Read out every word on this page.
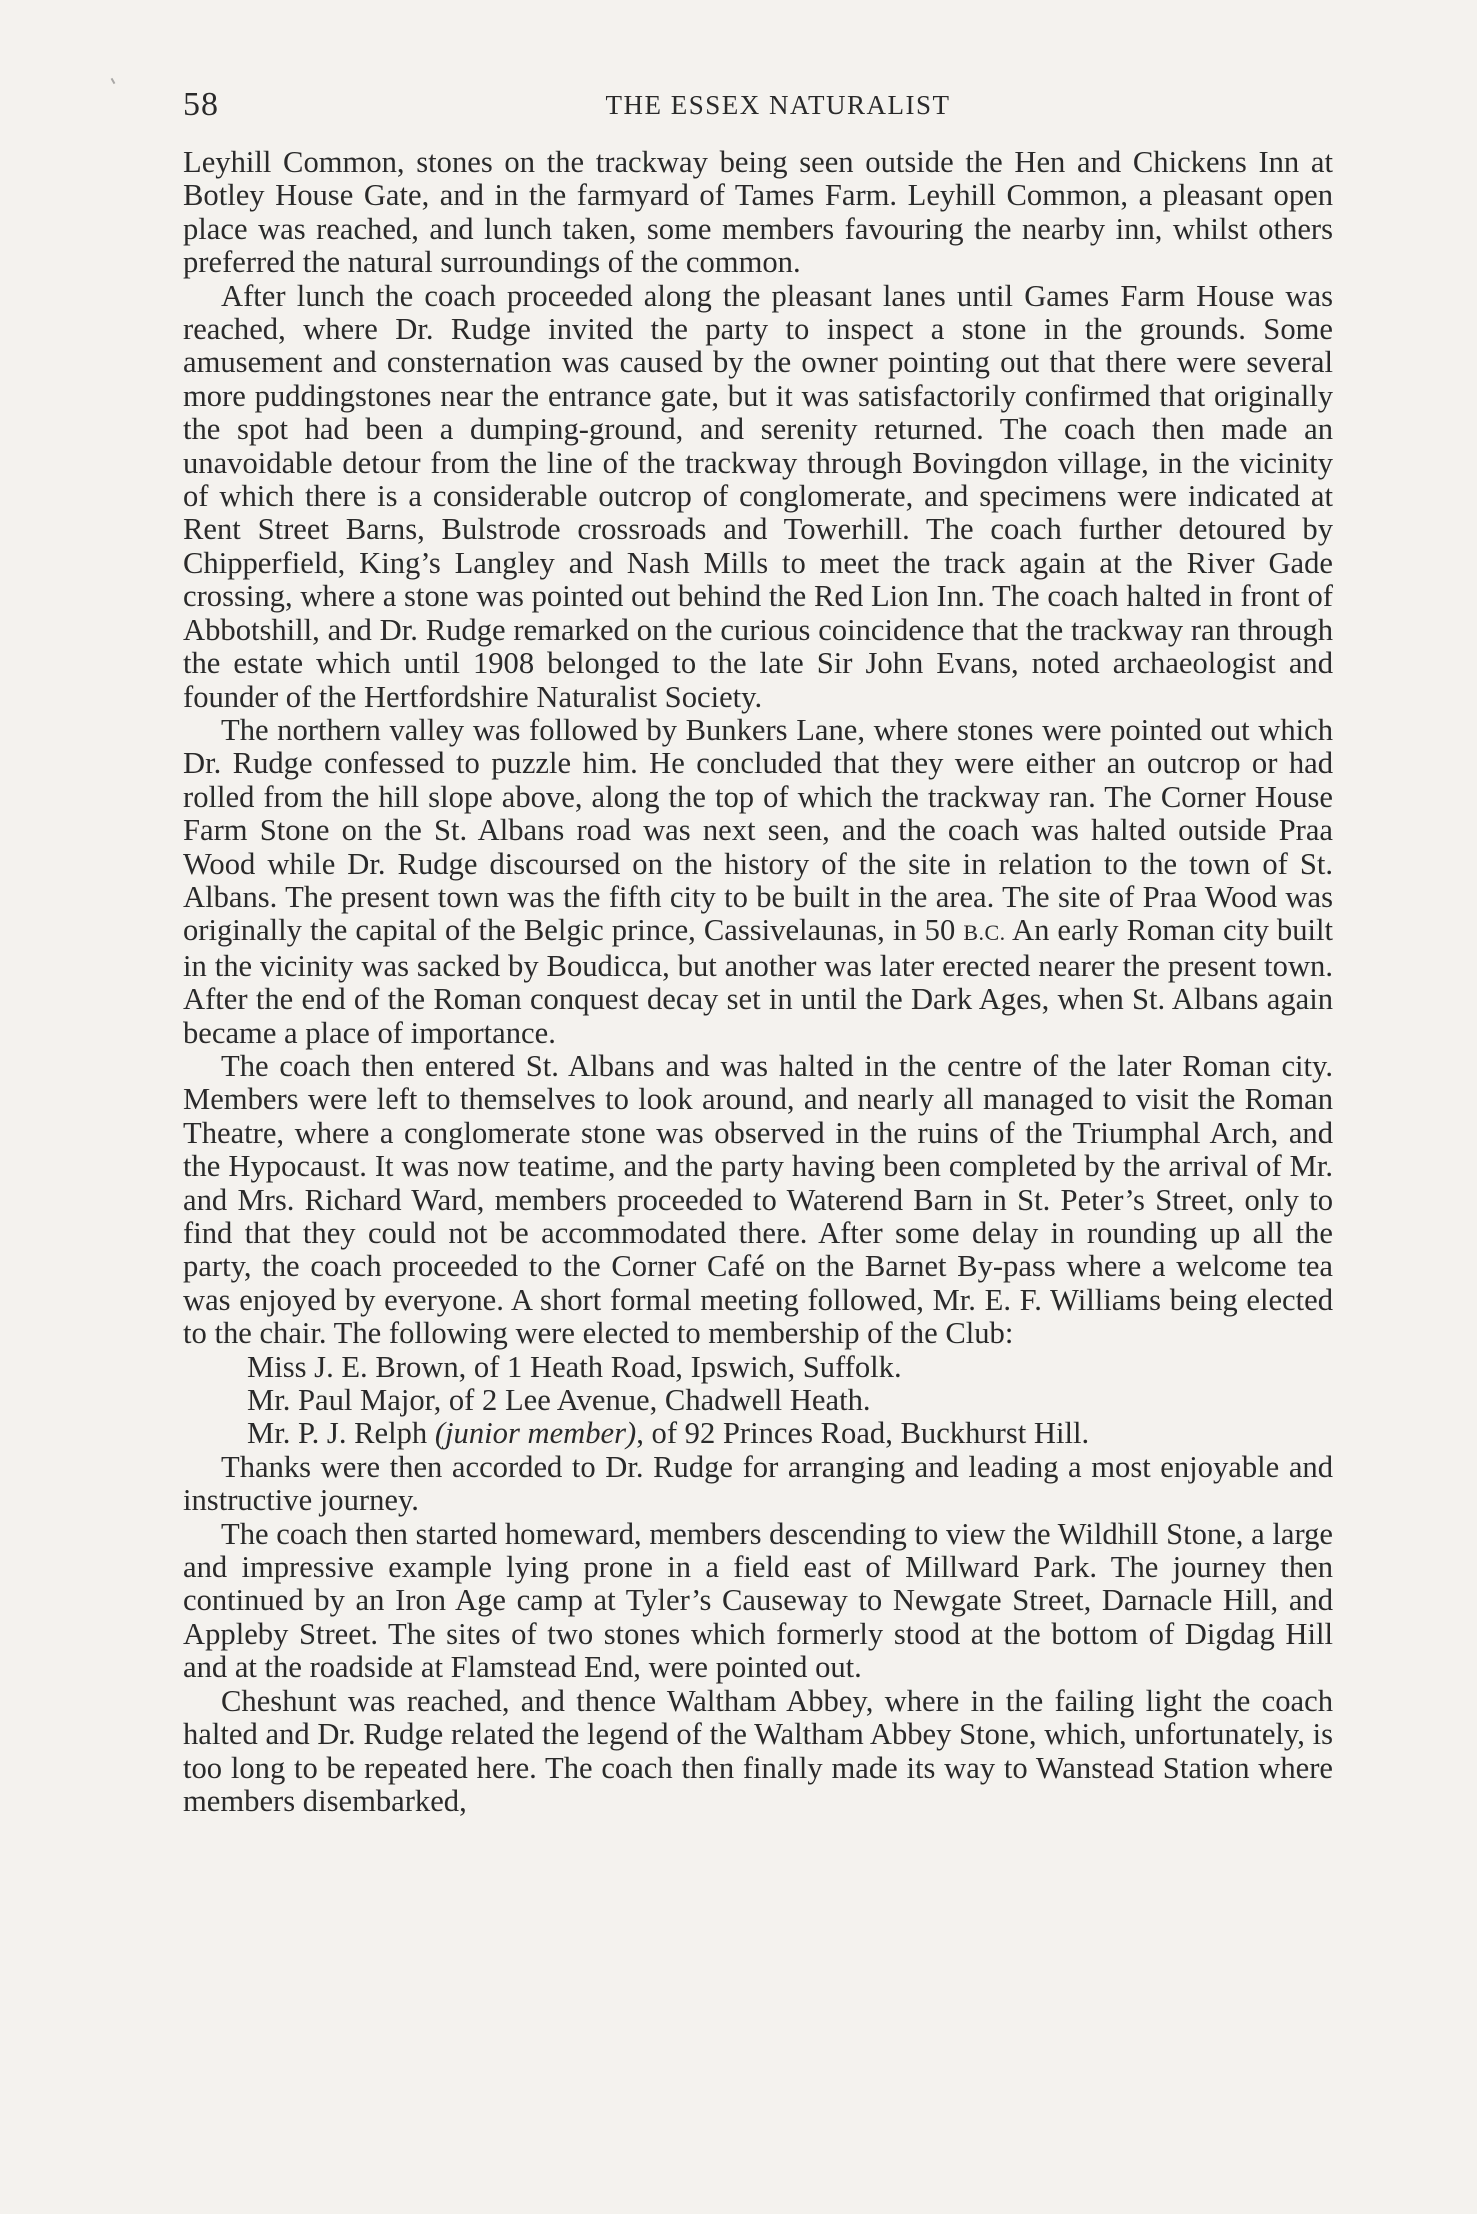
58	THE ESSEX NATURALIST

Leyhill Common, stones on the trackway being seen outside the Hen and Chickens Inn at Botley House Gate, and in the farmyard of Tames Farm. Leyhill Common, a pleasant open place was reached, and lunch taken, some members favouring the nearby inn, whilst others preferred the natural surroundings of the common.

After lunch the coach proceeded along the pleasant lanes until Games Farm House was reached, where Dr. Rudge invited the party to inspect a stone in the grounds. Some amusement and consternation was caused by the owner pointing out that there were several more puddingstones near the entrance gate, but it was satisfactorily confirmed that originally the spot had been a dumping-ground, and serenity returned. The coach then made an unavoidable detour from the line of the trackway through Bovingdon village, in the vicinity of which there is a considerable outcrop of conglomerate, and specimens were indicated at Rent Street Barns, Bulstrode crossroads and Towerhill. The coach further detoured by Chipperfield, King’s Langley and Nash Mills to meet the track again at the River Gade crossing, where a stone was pointed out behind the Red Lion Inn. The coach halted in front of Abbotshill, and Dr. Rudge remarked on the curious coincidence that the trackway ran through the estate which until 1908 belonged to the late Sir John Evans, noted archaeologist and founder of the Hertfordshire Naturalist Society.

The northern valley was followed by Bunkers Lane, where stones were pointed out which Dr. Rudge confessed to puzzle him. He concluded that they were either an outcrop or had rolled from the hill slope above, along the top of which the trackway ran. The Corner House Farm Stone on the St. Albans road was next seen, and the coach was halted outside Praa Wood while Dr. Rudge discoursed on the history of the site in relation to the town of St. Albans. The present town was the fifth city to be built in the area. The site of Praa Wood was originally the capital of the Belgic prince, Cassivelaunas, in 50 B.C. An early Roman city built in the vicinity was sacked by Boudicca, but another was later erected nearer the present town. After the end of the Roman conquest decay set in until the Dark Ages, when St. Albans again became a place of importance.

The coach then entered St. Albans and was halted in the centre of the later Roman city. Members were left to themselves to look around, and nearly all managed to visit the Roman Theatre, where a conglomerate stone was observed in the ruins of the Triumphal Arch, and the Hypocaust. It was now teatime, and the party having been completed by the arrival of Mr. and Mrs. Richard Ward, members proceeded to Waterend Barn in St. Peter’s Street, only to find that they could not be accommodated there. After some delay in rounding up all the party, the coach proceeded to the Corner Café on the Barnet By-pass where a welcome tea was enjoyed by everyone. A short formal meeting followed, Mr. E. F. Williams being elected to the chair. The following were elected to membership of the Club:

Miss J. E. Brown, of 1 Heath Road, Ipswich, Suffolk.

Mr. Paul Major, of 2 Lee Avenue, Chadwell Heath.

Mr. P. J. Relph (junior member), of 92 Princes Road, Buckhurst Hill.

Thanks were then accorded to Dr. Rudge for arranging and leading a most enjoyable and instructive journey.

The coach then started homeward, members descending to view the Wildhill Stone, a large and impressive example lying prone in a field east of Millward Park. The journey then continued by an Iron Age camp at Tyler’s Causeway to Newgate Street, Darnacle Hill, and Appleby Street. The sites of two stones which formerly stood at the bottom of Digdag Hill and at the roadside at Flamstead End, were pointed out.

Cheshunt was reached, and thence Waltham Abbey, where in the failing light the coach halted and Dr. Rudge related the legend of the Waltham Abbey Stone, which, unfortunately, is too long to be repeated here. The coach then finally made its way to Wanstead Station where members disembarked,
